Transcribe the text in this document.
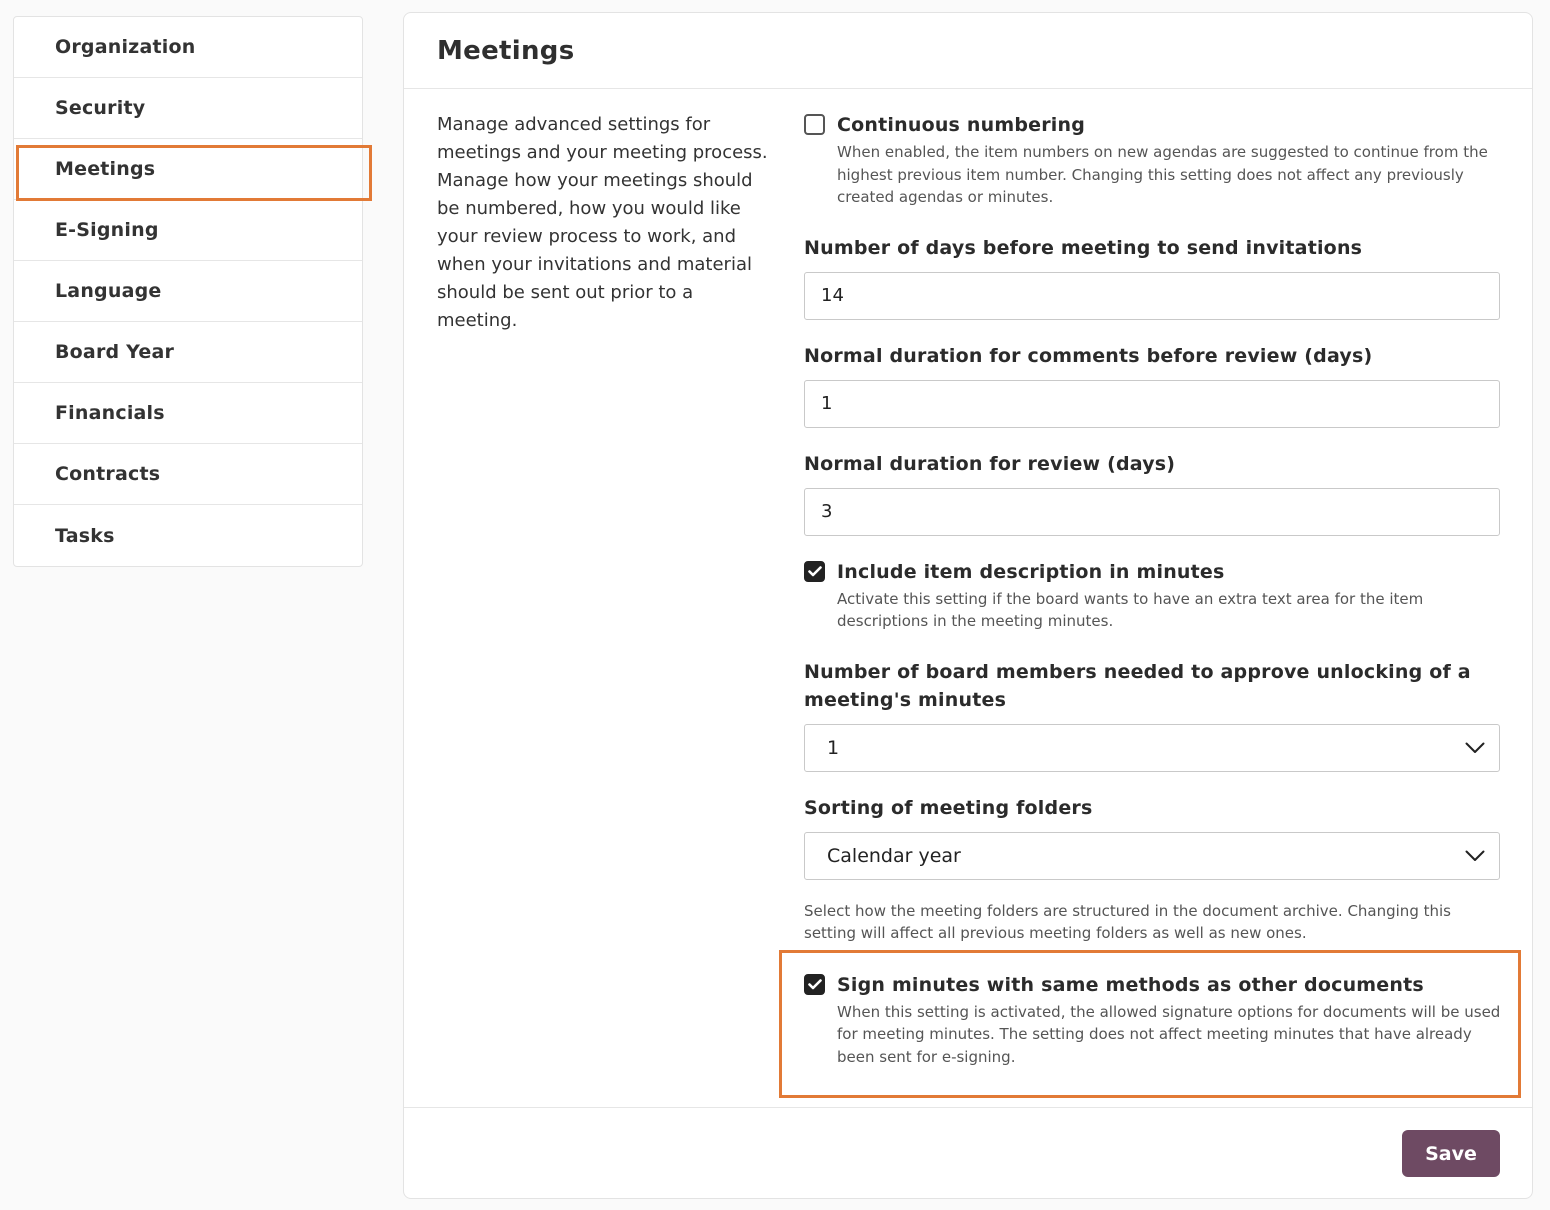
Organization
Security
Meetings
E-Signing
Language
Board Year
Financials
Contracts
Tasks
Meetings

Manage advanced settings for meetings and your meeting process. Manage how your meetings should be numbered, how you would like your review process to work, and when your invitations and material should be sent out prior to a meeting.

Continuous numbering
When enabled, the item numbers on new agendas are suggested to continue from the highest previous item number. Changing this setting does not affect any previously created agendas or minutes.
Number of days before meeting to send invitations
14
Normal duration for comments before review (days)
1
Normal duration for review (days)
3
Include item description in minutes
Activate this setting if the board wants to have an extra text area for the item descriptions in the meeting minutes.
Number of board members needed to approve unlocking of a meeting's minutes
1
Sorting of meeting folders
Calendar year
Select how the meeting folders are structured in the document archive. Changing this setting will affect all previous meeting folders as well as new ones.
Sign minutes with same methods as other documents
When this setting is activated, the allowed signature options for documents will be used for meeting minutes. The setting does not affect meeting minutes that have already been sent for e-signing.
Save
